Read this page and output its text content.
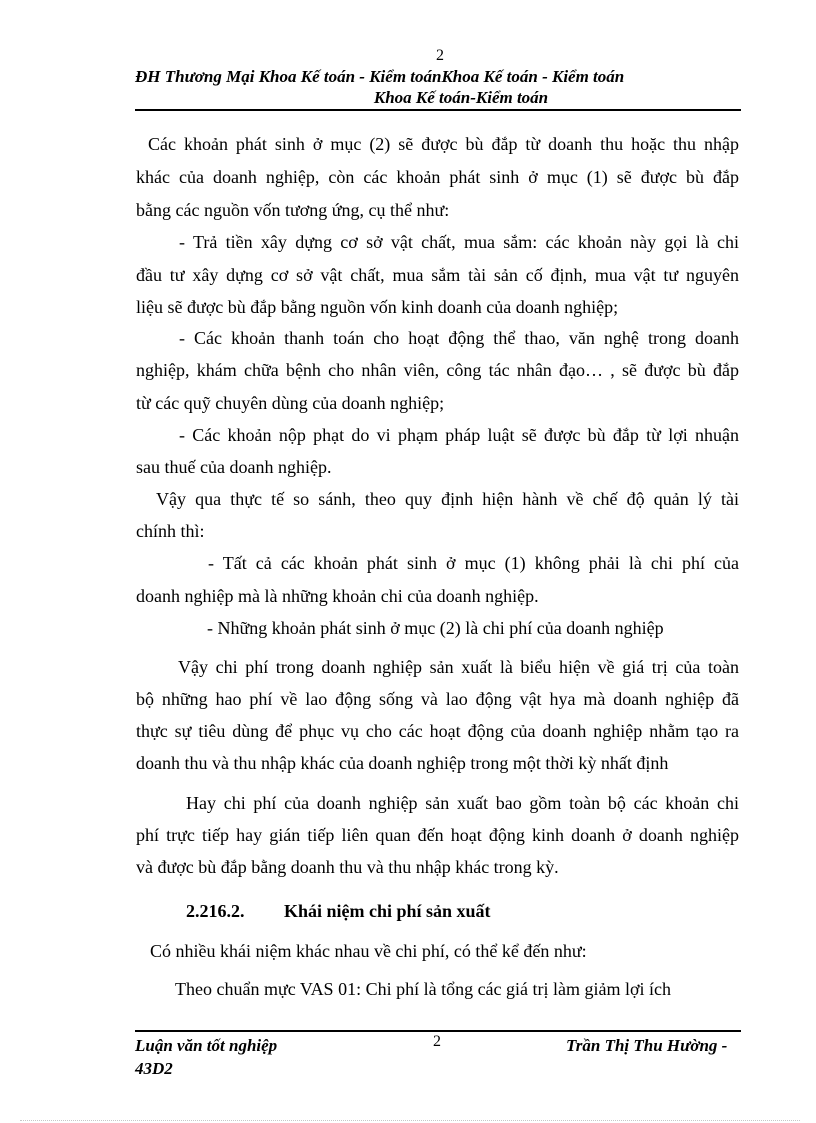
2
ĐH Thương Mại Khoa Kế toán - Kiểm toánKhoa Kế toán - Kiểm toán
Khoa Kế toán-Kiểm toán
Các khoản phát sinh ở mục (2) sẽ được bù đắp từ doanh thu hoặc thu nhập
khác của doanh nghiệp, còn các khoản phát sinh ở mục (1) sẽ được bù đắp
bằng các nguồn vốn tương ứng, cụ thể như:
- Trả tiền xây dựng cơ sở vật chất, mua sắm: các khoản này gọi là chi
đầu tư xây dựng cơ sở vật chất, mua sắm tài sản cố định, mua vật tư nguyên
liệu sẽ được bù đắp bằng nguồn vốn kinh doanh của doanh nghiệp;
- Các khoản thanh toán cho hoạt động thể thao, văn nghệ trong doanh
nghiệp, khám chữa bệnh cho nhân viên, công tác nhân đạo… , sẽ được bù đắp
từ các quỹ chuyên dùng của doanh nghiệp;
- Các khoản nộp phạt do vi phạm pháp luật sẽ được bù đắp từ lợi nhuận
sau thuế của doanh nghiệp.
Vậy qua thực tế so sánh, theo quy định hiện hành về chế độ quản lý tài
chính thì:
- Tất cả các khoản phát sinh ở mục (1) không phải là chi phí của
doanh nghiệp mà là những khoản chi của doanh nghiệp.
- Những khoản phát sinh ở mục (2) là chi phí của doanh nghiệp
Vậy chi phí trong doanh nghiệp sản xuất là biểu hiện về giá trị của toàn
bộ những hao phí về lao động sống và lao động vật hya mà doanh nghiệp đã
thực sự tiêu dùng để phục vụ cho các hoạt động của doanh nghiệp nhằm tạo ra
doanh thu và thu nhập khác của doanh nghiệp trong một thời kỳ nhất định
Hay chi phí của doanh nghiệp sản xuất bao gồm toàn bộ các khoản chi
phí trực tiếp hay gián tiếp liên quan đến hoạt động kinh doanh ở doanh nghiệp
và được bù đắp bằng doanh thu và thu nhập khác trong kỳ.
2.216.2. Khái niệm chi phí sản xuất
Có nhiều khái niệm khác nhau về chi phí, có thể kể đến như:
Theo chuẩn mực VAS 01: Chi phí là tổng các giá trị làm giảm lợi ích
Luận văn tốt nghiệp
43D2
2	Trần Thị Thu Hường -
